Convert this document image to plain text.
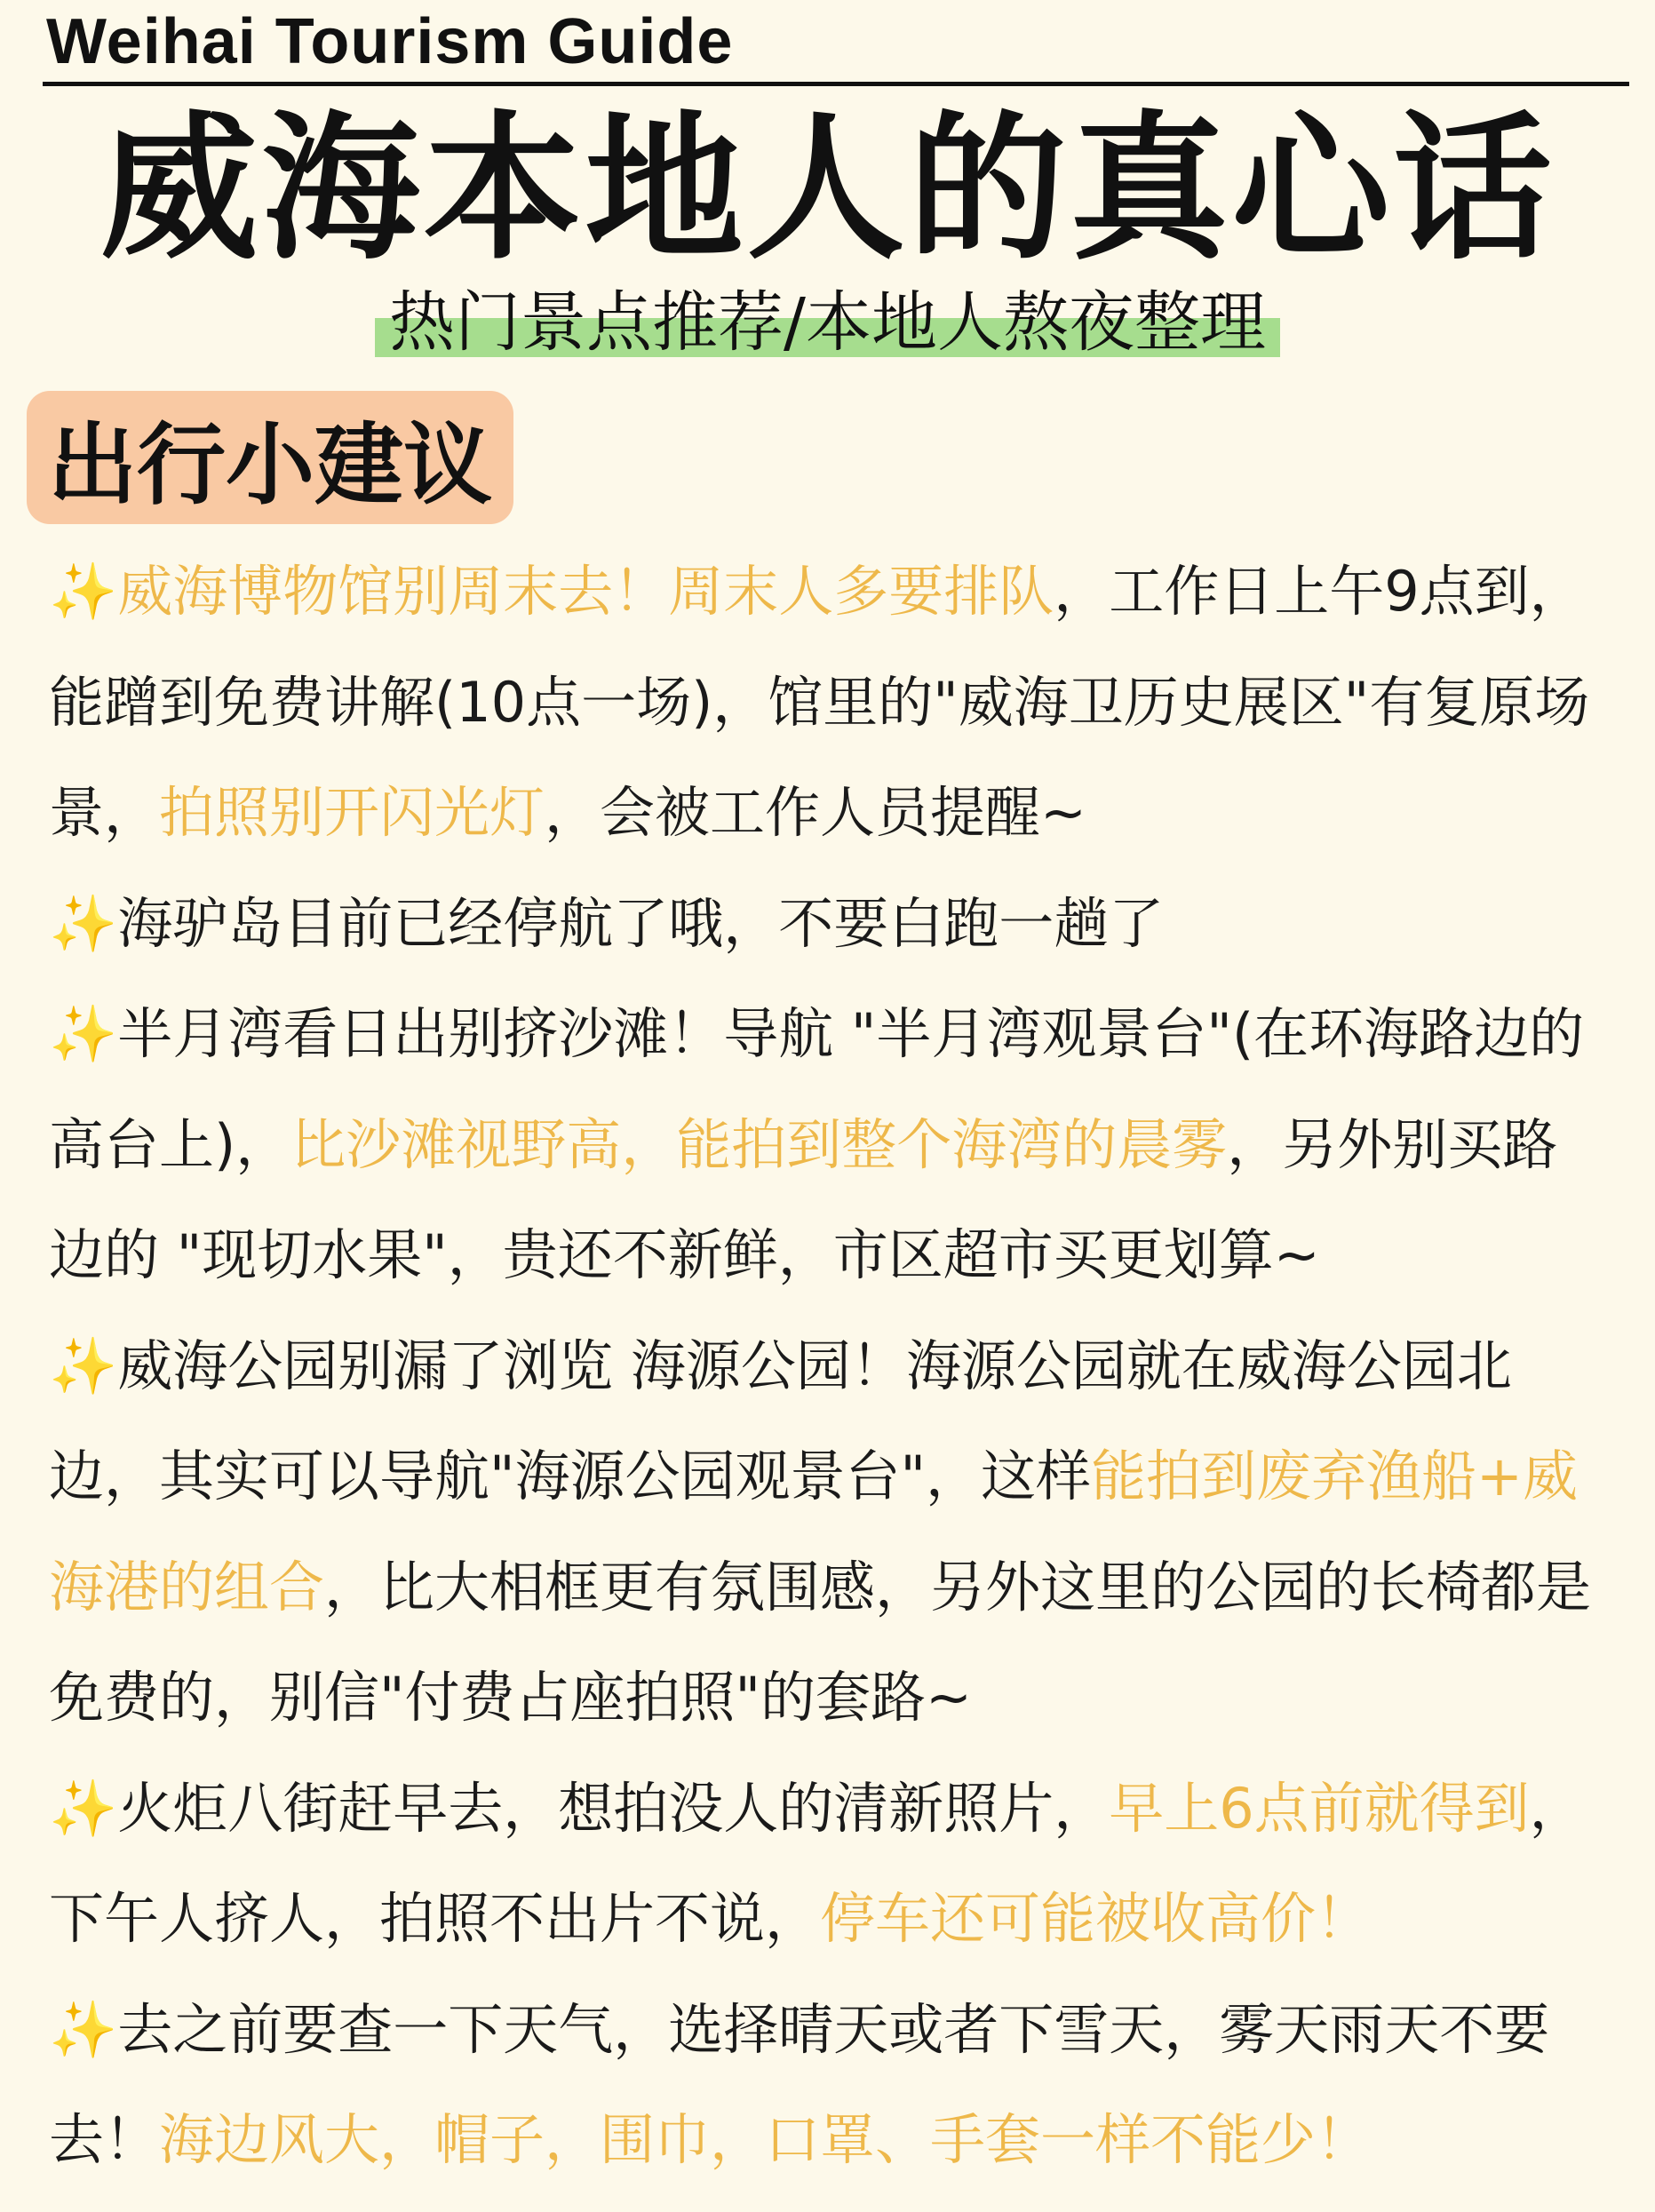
Weihai Tourism Guide
威海本地人的真心话
热门景点推荐/本地人熬夜整理
出行小建议

✨威海博物馆别周末去！周末人多要排队，工作日上午9点到，能蹭到免费讲解(10点一场)，馆里的"威海卫历史展区"有复原场景，拍照别开闪光灯，会被工作人员提醒~

✨海驴岛目前已经停航了哦，不要白跑一趟了

✨半月湾看日出别挤沙滩！导航 "半月湾观景台"(在环海路边的高台上)，比沙滩视野高，能拍到整个海湾的晨雾，另外别买路边的 "现切水果"，贵还不新鲜，市区超市买更划算~

✨威海公园别漏了浏览 海源公园！海源公园就在威海公园北边，其实可以导航"海源公园观景台"，这样能拍到废弃渔船+威海港的组合，比大相框更有氛围感，另外这里的公园的长椅都是免费的，别信"付费占座拍照"的套路~

✨火炬八街赶早去，想拍没人的清新照片，早上6点前就得到，下午人挤人，拍照不出片不说，停车还可能被收高价！

✨去之前要查一下天气，选择晴天或者下雪天，雾天雨天不要去！海边风大，帽子，围巾，口罩、手套一样不能少！
